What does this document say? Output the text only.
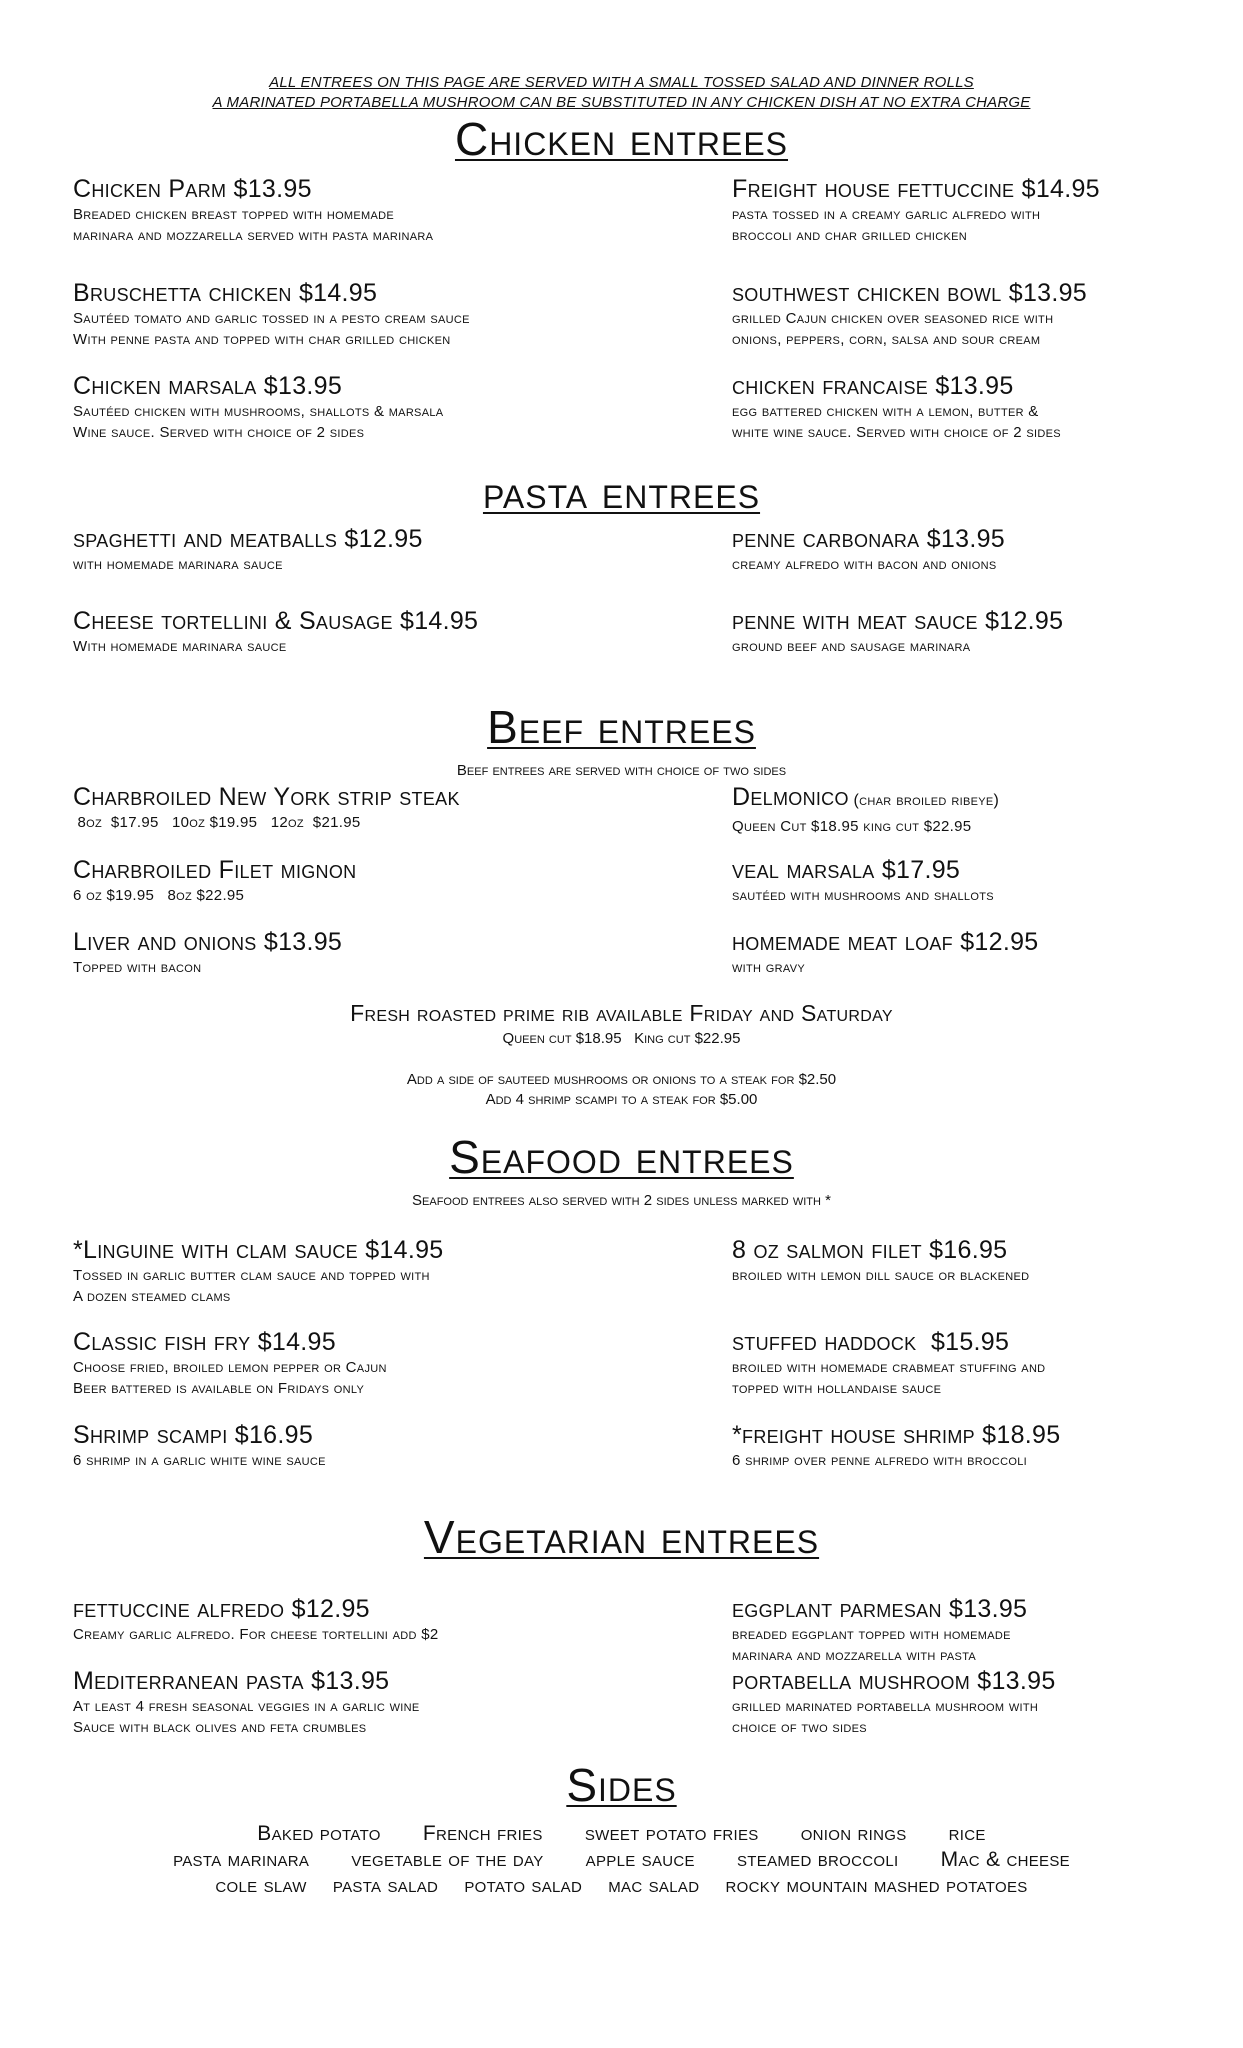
ALL ENTREES ON THIS PAGE ARE SERVED WITH A SMALL TOSSED SALAD AND DINNER ROLLS
A MARINATED PORTABELLA MUSHROOM CAN BE SUBSTITUTED IN ANY CHICKEN DISH AT NO EXTRA CHARGE
Chicken entrees
Chicken Parm $13.95
Breaded chicken breast topped with homemade
marinara and mozzarella served with pasta marinara
Freight house fettuccine $14.95
pasta tossed in a creamy garlic alfredo with
broccoli and char grilled chicken
Bruschetta chicken $14.95
Sautéed tomato and garlic tossed in a pesto cream sauce
With penne pasta and topped with char grilled chicken
southwest chicken bowl $13.95
grilled Cajun chicken over seasoned rice with
onions, peppers, corn, salsa and sour cream
Chicken marsala $13.95
Sautéed chicken with mushrooms, shallots & marsala
Wine sauce. Served with choice of 2 sides
chicken francaise $13.95
egg battered chicken with a lemon, butter &
white wine sauce. Served with choice of 2 sides
pasta entrees
spaghetti and meatballs $12.95
with homemade marinara sauce
penne carbonara $13.95
creamy alfredo with bacon and onions
Cheese tortellini & Sausage $14.95
With homemade marinara sauce
penne with meat sauce $12.95
ground beef and sausage marinara
Beef entrees
Beef entrees are served with choice of two sides
Charbroiled New York strip steak
8oz  $17.95   10oz $19.95   12oz  $21.95
Delmonico (char broiled ribeye)
Queen Cut $18.95 king cut $22.95
Charbroiled Filet mignon
6 oz $19.95   8oz $22.95
veal marsala $17.95
sautéed with mushrooms and shallots
Liver and onions $13.95
Topped with bacon
homemade meat loaf $12.95
with gravy
Fresh roasted prime rib available Friday and Saturday
Queen cut $18.95   King cut $22.95
Add a side of sauteed mushrooms or onions to a steak for $2.50
Add 4 shrimp scampi to a steak for $5.00
Seafood entrees
Seafood entrees also served with 2 sides unless marked with *
*Linguine with clam sauce $14.95
Tossed in garlic butter clam sauce and topped with
A dozen steamed clams
8 oz salmon filet $16.95
broiled with lemon dill sauce or blackened
Classic fish fry $14.95
Choose fried, broiled lemon pepper or Cajun
Beer battered is available on Fridays only
stuffed haddock  $15.95
broiled with homemade crabmeat stuffing and
topped with hollandaise sauce
Shrimp scampi $16.95
6 shrimp in a garlic white wine sauce
*freight house shrimp $18.95
6 shrimp over penne alfredo with broccoli
Vegetarian entrees
fettuccine alfredo $12.95
Creamy garlic alfredo. For cheese tortellini add $2
eggplant parmesan $13.95
breaded eggplant topped with homemade
marinara and mozzarella with pasta
Mediterranean pasta $13.95
At least 4 fresh seasonal veggies in a garlic wine
Sauce with black olives and feta crumbles
portabella mushroom $13.95
grilled marinated portabella mushroom with
choice of two sides
Sides
Baked potato French fries sweet potato fries onion rings rice
pasta marinara vegetable of the day apple sauce steamed broccoli Mac & cheese
cole slaw pasta salad potato salad mac salad rocky mountain mashed potatoes
